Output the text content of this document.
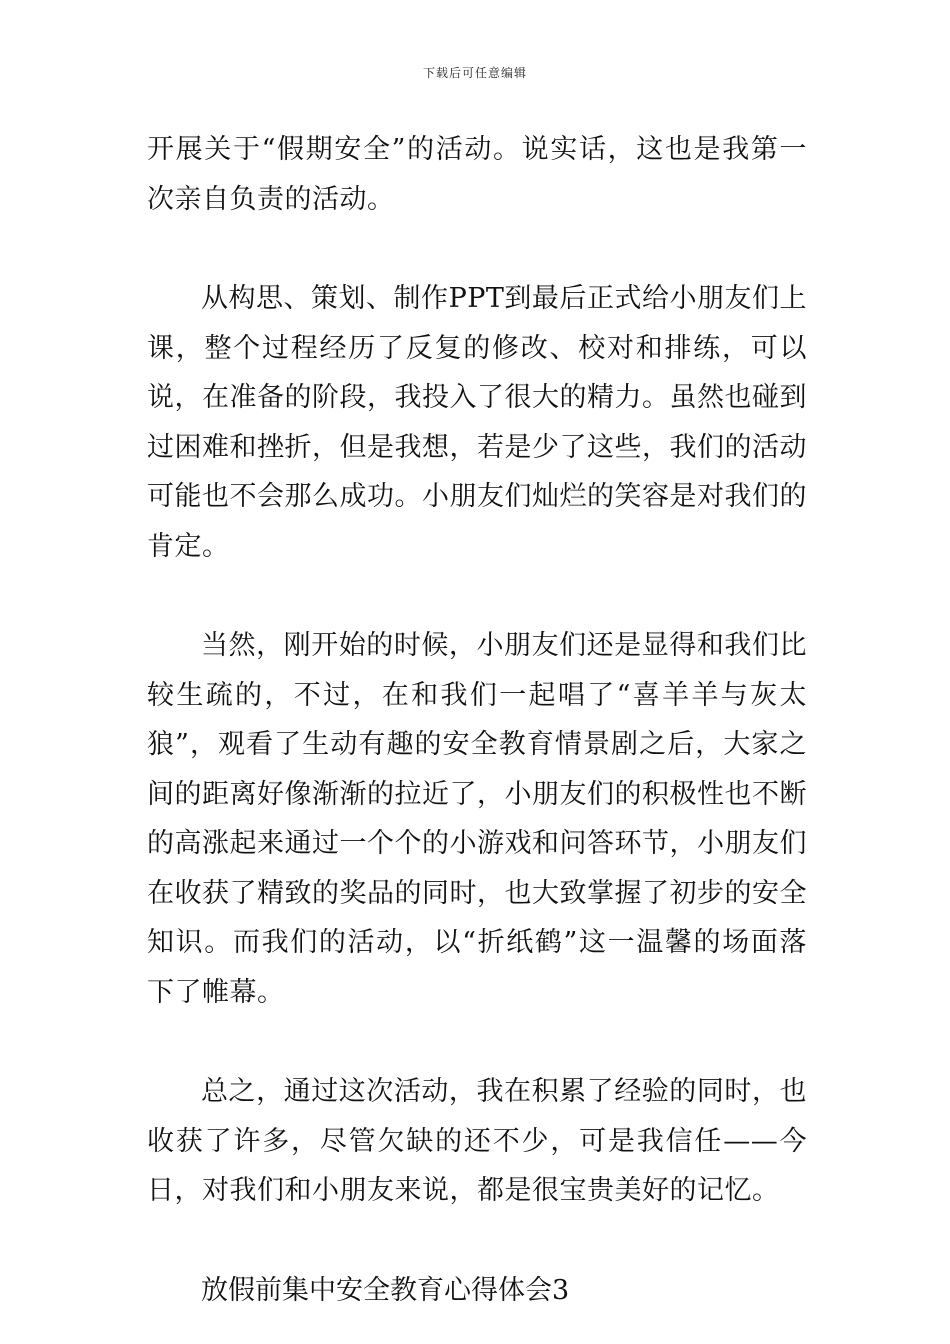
下载后可任意编辑

开展关于“假期安全”的活动。说实话，这也是我第一次亲自负责的活动。

从构思、策划、制作PPT到最后正式给小朋友们上课，整个过程经历了反复的修改、校对和排练，可以说，在准备的阶段，我投入了很大的精力。虽然也碰到过困难和挫折，但是我想，若是少了这些，我们的活动可能也不会那么成功。小朋友们灿烂的笑容是对我们的肯定。

当然，刚开始的时候，小朋友们还是显得和我们比较生疏的，不过，在和我们一起唱了“喜羊羊与灰太狼”，观看了生动有趣的安全教育情景剧之后，大家之间的距离好像渐渐的拉近了，小朋友们的积极性也不断的高涨起来通过一个个的小游戏和问答环节，小朋友们在收获了精致的奖品的同时，也大致掌握了初步的安全知识。而我们的活动，以“折纸鹤”这一温馨的场面落下了帷幕。

总之，通过这次活动，我在积累了经验的同时，也收获了许多，尽管欠缺的还不少，可是我信任——今日，对我们和小朋友来说，都是很宝贵美好的记忆。

放假前集中安全教育心得体会3
